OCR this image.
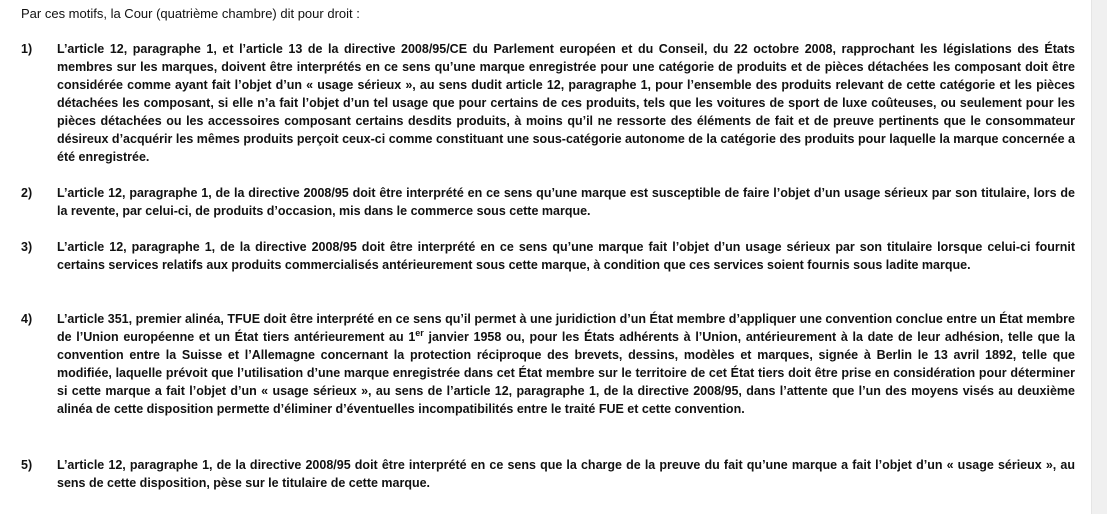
Par ces motifs, la Cour (quatrième chambre) dit pour droit :
1)	L’article 12, paragraphe 1, et l’article 13 de la directive 2008/95/CE du Parlement européen et du Conseil, du 22 octobre 2008, rapprochant les législations des États membres sur les marques, doivent être interprétés en ce sens qu’une marque enregistrée pour une catégorie de produits et de pièces détachées les composant doit être considérée comme ayant fait l’objet d’un « usage sérieux », au sens dudit article 12, paragraphe 1, pour l’ensemble des produits relevant de cette catégorie et les pièces détachées les composant, si elle n’a fait l’objet d’un tel usage que pour certains de ces produits, tels que les voitures de sport de luxe coûteuses, ou seulement pour les pièces détachées ou les accessoires composant certains desdits produits, à moins qu’il ne ressorte des éléments de fait et de preuve pertinents que le consommateur désireux d’acquérir les mêmes produits perçoit ceux-ci comme constituant une sous-catégorie autonome de la catégorie des produits pour laquelle la marque concernée a été enregistrée.
2)	L’article 12, paragraphe 1, de la directive 2008/95 doit être interprété en ce sens qu’une marque est susceptible de faire l’objet d’un usage sérieux par son titulaire, lors de la revente, par celui-ci, de produits d’occasion, mis dans le commerce sous cette marque.
3)	L’article 12, paragraphe 1, de la directive 2008/95 doit être interprété en ce sens qu’une marque fait l’objet d’un usage sérieux par son titulaire lorsque celui-ci fournit certains services relatifs aux produits commercialisés antérieurement sous cette marque, à condition que ces services soient fournis sous ladite marque.
4)	L’article 351, premier alinéa, TFUE doit être interprété en ce sens qu’il permet à une juridiction d’un État membre d’appliquer une convention conclue entre un État membre de l’Union européenne et un État tiers antérieurement au 1er janvier 1958 ou, pour les États adhérents à l’Union, antérieurement à la date de leur adhésion, telle que la convention entre la Suisse et l’Allemagne concernant la protection réciproque des brevets, dessins, modèles et marques, signée à Berlin le 13 avril 1892, telle que modifiée, laquelle prévoit que l’utilisation d’une marque enregistrée dans cet État membre sur le territoire de cet État tiers doit être prise en considération pour déterminer si cette marque a fait l’objet d’un « usage sérieux », au sens de l’article 12, paragraphe 1, de la directive 2008/95, dans l’attente que l’un des moyens visés au deuxième alinéa de cette disposition permette d’éliminer d’éventuelles incompatibilités entre le traité FUE et cette convention.
5)	L’article 12, paragraphe 1, de la directive 2008/95 doit être interprété en ce sens que la charge de la preuve du fait qu’une marque a fait l’objet d’un « usage sérieux », au sens de cette disposition, pèse sur le titulaire de cette marque.
